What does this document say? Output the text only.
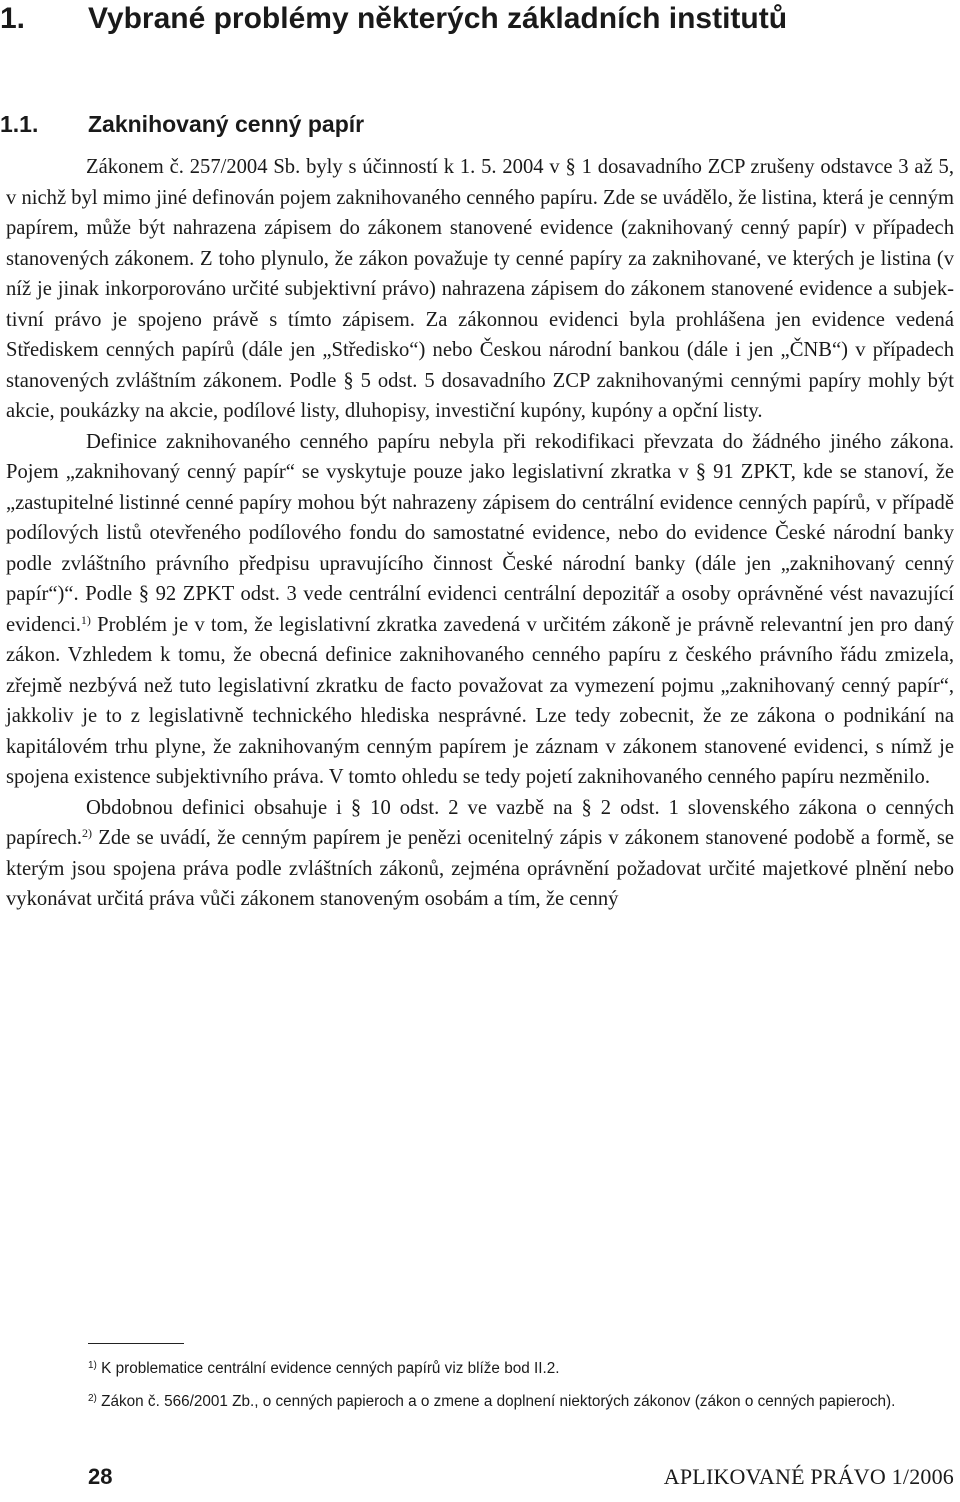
1. Vybrané problémy některých základních institutů
1.1. Zaknihovaný cenný papír

Zákonem č. 257/2004 Sb. byly s účinností k 1. 5. 2004 v § 1 dosavadního ZCP zrušeny odstavce 3 až 5, v nichž byl mimo jiné definován pojem zaknihovaného cenného papíru. Zde se uvádělo, že listina, která je cenným papírem, může být nahrazena zápisem do zákonem stanovené evidence (zaknihovaný cenný papír) v případech stanovených zákonem. Z toho plynulo, že zákon považuje ty cenné papíry za zaknihované, ve kterých je listina (v níž je jinak inkorporováno určité subjektivní právo) nahrazena zápisem do zákonem stanovené evidence a subjektivní právo je spojeno právě s tímto zápisem. Za zákonnou evidenci byla prohlášena jen evidence vedená Střediskem cenných papírů (dále jen „Středisko“) nebo Českou národní bankou (dále i jen „ČNB“) v případech stanovených zvláštním zákonem. Podle § 5 odst. 5 dosavadního ZCP zaknihovanými cennými papíry mohly být akcie, poukázky na akcie, podílové listy, dluhopisy, investiční kupóny, kupóny a opční listy.

Definice zaknihovaného cenného papíru nebyla při rekodifikaci převzata do žádného jiného zákona. Pojem „zaknihovaný cenný papír“ se vyskytuje pouze jako legislativní zkratka v § 91 ZPKT, kde se stanoví, že „zastupitelné listinné cenné papíry mohou být nahrazeny zápisem do centrální evidence cenných papírů, v případě podílových listů otevřeného podílového fondu do samostatné evidence, nebo do evidence České národní banky podle zvláštního právního předpisu upravujícího činnost České národní banky (dále jen „zaknihovaný cenný papír“)“. Podle § 92 ZPKT odst. 3 vede centrální evidenci centrální depozitář a osoby oprávněné vést navazující evidenci.$^{1)}$ Problém je v tom, že legislativní zkratka zavedená v určitém zákoně je právně relevantní jen pro daný zákon. Vzhledem k tomu, že obecná definice zaknihovaného cenného papíru z českého právního řádu zmizela, zřejmě nezbývá než tuto legislativní zkratku de facto považovat za vymezení pojmu „zaknihovaný cenný papír“, jakkoliv je to z legislativně technického hlediska nesprávné. Lze tedy zobecnit, že ze zákona o podnikání na kapitálovém trhu plyne, že zaknihovaným cenným papírem je záznam v zákonem stanovené evidenci, s nímž je spojena existence subjektivního práva. V tomto ohledu se tedy pojetí zaknihovaného cenného papíru nezměnilo.

Obdobnou definici obsahuje i § 10 odst. 2 ve vazbě na § 2 odst. 1 slovenského zákona o cenných papírech.$^{2)}$ Zde se uvádí, že cenným papírem je penězi ocenitelný zápis v zákonem stanovené podobě a formě, se kterým jsou spojena práva podle zvláštních zákonů, zejména oprávnění požadovat určité majetkové plnění nebo vykonávat určitá práva vůči zákonem stanoveným osobám a tím, že cenný

$^{1)}$ K problematice centrální evidence cenných papírů viz blíže bod II.2.

$^{2)}$ Zákon č. 566/2001 Zb., o cenných papieroch a o zmene a doplnení niektorých zákonov (zákon o cenných papieroch).

28	APLIKOVANÉ PRÁVO 1/2006
